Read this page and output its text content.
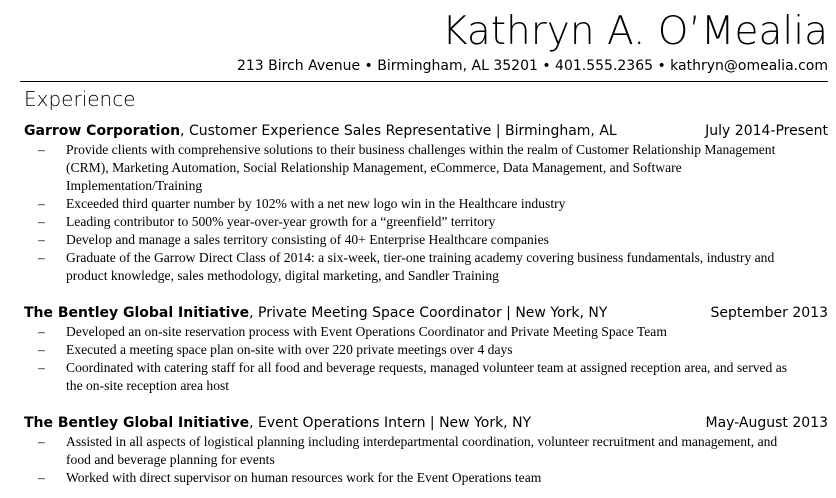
Kathryn A. O’Mealia
213 Birch Avenue • Birmingham, AL 35201 • 401.555.2365 • kathryn@omealia.com
Experience
Garrow Corporation, Customer Experience Sales Representative | Birmingham, AL	July 2014-Present
– Provide clients with comprehensive solutions to their business challenges within the realm of Customer Relationship Management (CRM), Marketing Automation, Social Relationship Management, eCommerce, Data Management, and Software Implementation/Training
– Exceeded third quarter number by 102% with a net new logo win in the Healthcare industry
– Leading contributor to 500% year-over-year growth for a “greenfield” territory
– Develop and manage a sales territory consisting of 40+ Enterprise Healthcare companies
– Graduate of the Garrow Direct Class of 2014: a six-week, tier-one training academy covering business fundamentals, industry and product knowledge, sales methodology, digital marketing, and Sandler Training
The Bentley Global Initiative, Private Meeting Space Coordinator | New York, NY	September 2013
– Developed an on-site reservation process with Event Operations Coordinator and Private Meeting Space Team
– Executed a meeting space plan on-site with over 220 private meetings over 4 days
– Coordinated with catering staff for all food and beverage requests, managed volunteer team at assigned reception area, and served as the on-site reception area host
The Bentley Global Initiative, Event Operations Intern | New York, NY	May-August 2013
– Assisted in all aspects of logistical planning including interdepartmental coordination, volunteer recruitment and management, and food and beverage planning for events
– Worked with direct supervisor on human resources work for the Event Operations team
